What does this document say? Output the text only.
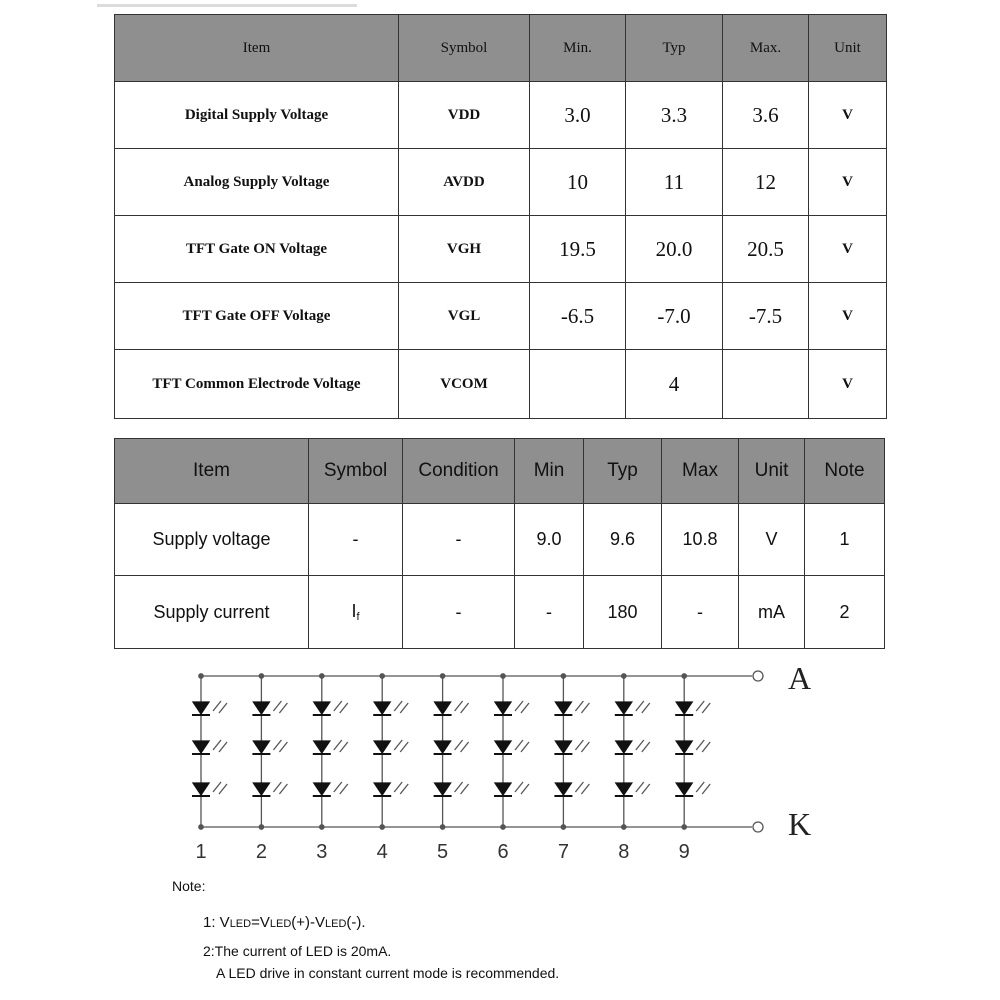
Item	Symbol	Min.	Typ	Max.	Unit
Digital Supply Voltage	VDD	3.0	3.3	3.6	V
Analog Supply Voltage	AVDD	10	11	12	V
TFT Gate ON Voltage	VGH	19.5	20.0	20.5	V
TFT Gate OFF Voltage	VGL	-6.5	-7.0	-7.5	V
TFT Common Electrode Voltage	VCOM		4		V
Item	Symbol	Condition	Min	Typ	Max	Unit	Note
Supply voltage	-	-	9.0	9.6	10.8	V	1
Supply current	$I_f$	-	-	180	-	mA	2
A
K
1 2 3 4 5 6 7 8 9
Note:
1: VLED=VLED(+)-VLED(-).
2:The current of LED is 20mA.
A LED drive in constant current mode is recommended.
